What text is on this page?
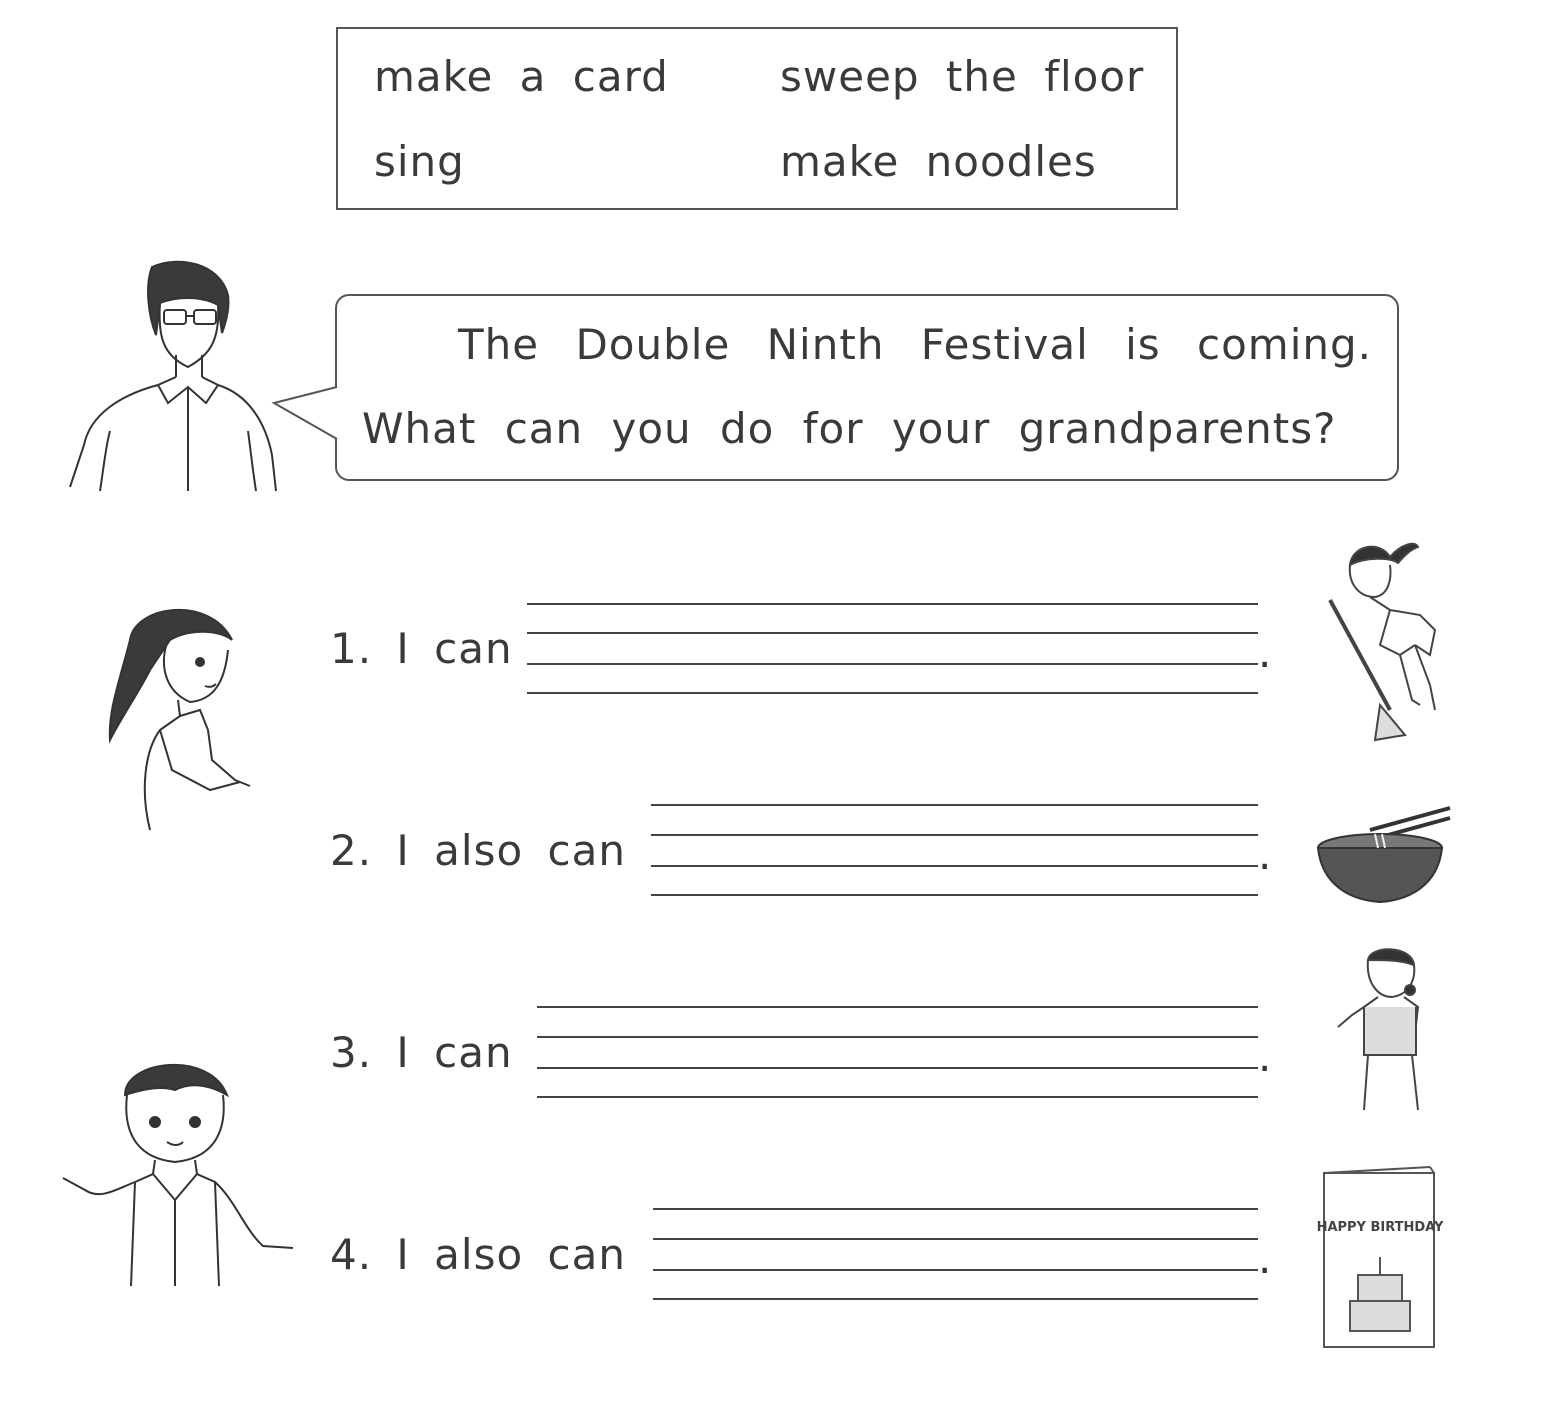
make a card	sweep the floor
sing	make noodles
The Double Ninth Festival is coming.
What can you do for your grandparents?
1. I can	.
2. I also can	.
3. I can	.
4. I also can	.
HAPPY BIRTHDAY
